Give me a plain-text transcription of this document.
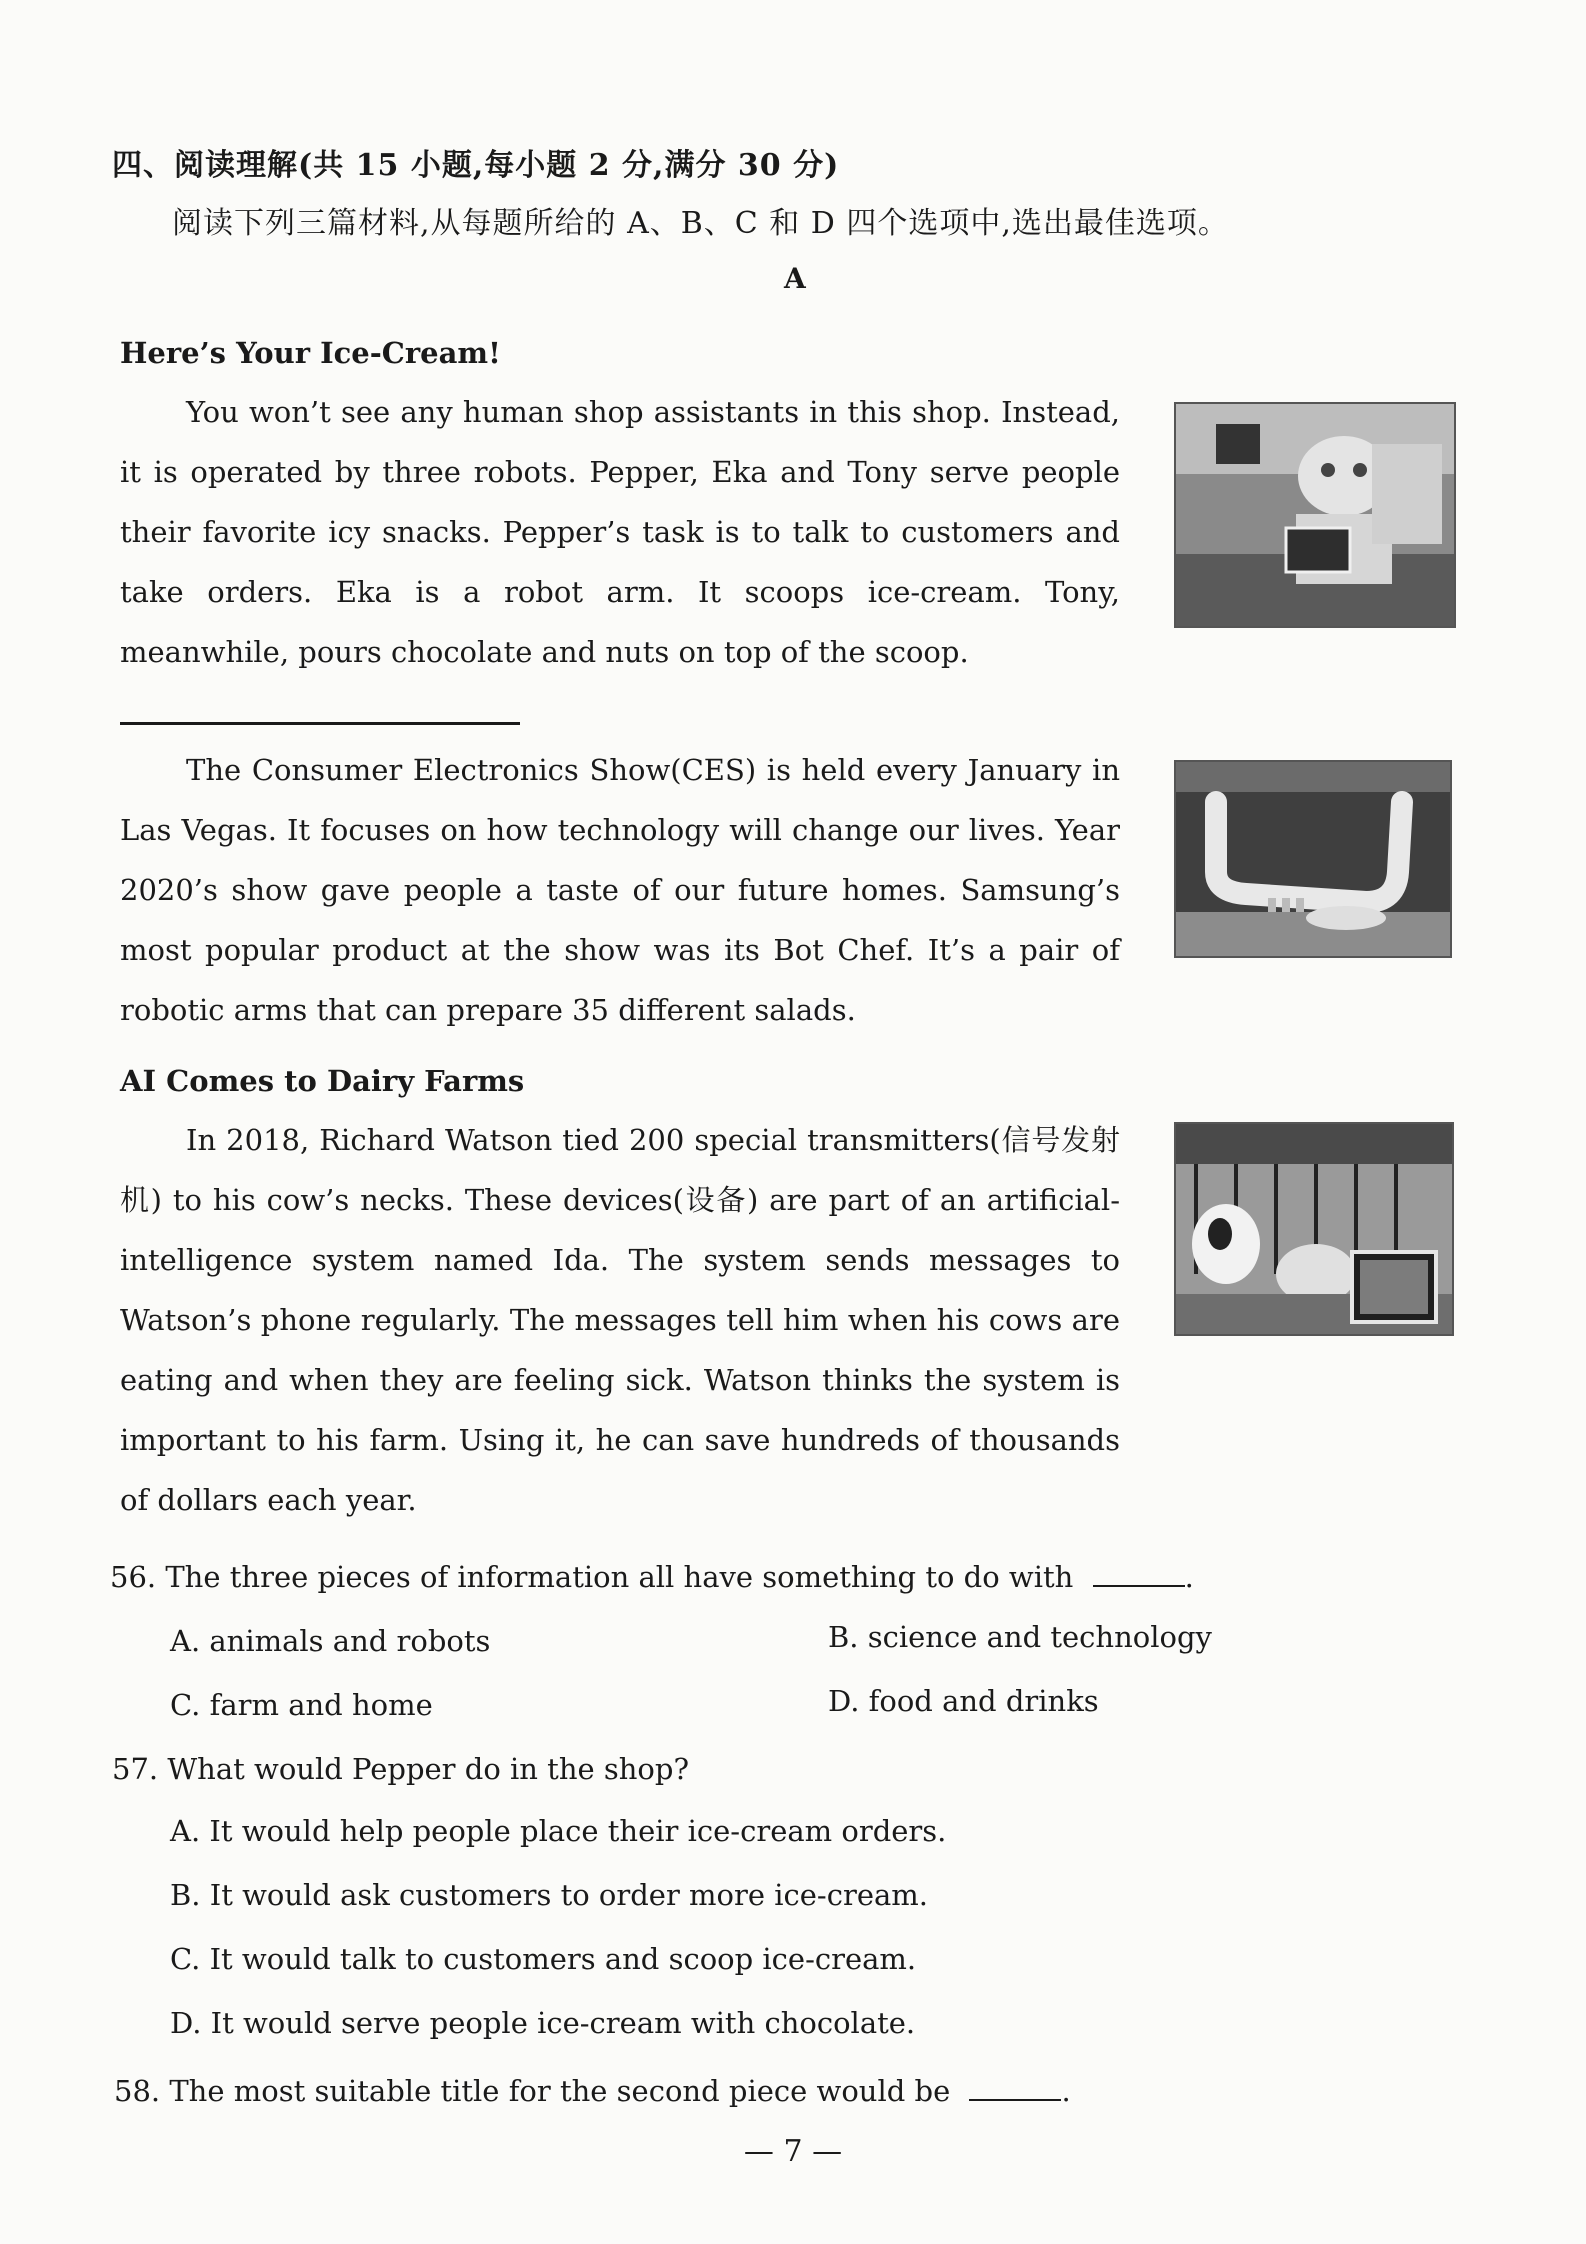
四、阅读理解(共 15 小题,每小题 2 分,满分 30 分)
阅读下列三篇材料,从每题所给的 A、B、C 和 D 四个选项中,选出最佳选项。
A
Here’s Your Ice-Cream!
You won’t see any human shop assistants in this shop. Instead, it is operated by three robots. Pepper, Eka and Tony serve people their favorite icy snacks. Pepper’s task is to talk to customers and take orders. Eka is a robot arm. It scoops ice-cream. Tony, meanwhile, pours chocolate and nuts on top of the scoop.
The Consumer Electronics Show(CES) is held every January in Las Vegas. It focuses on how technology will change our lives. Year 2020’s show gave people a taste of our future homes. Samsung’s most popular product at the show was its Bot Chef. It’s a pair of robotic arms that can prepare 35 different salads.
AI Comes to Dairy Farms
In 2018, Richard Watson tied 200 special transmitters(信号发射机) to his cow’s necks. These devices(设备) are part of an artificial-intelligence system named Ida. The system sends messages to Watson’s phone regularly. The messages tell him when his cows are eating and when they are feeling sick. Watson thinks the system is important to his farm. Using it, he can save hundreds of thousands of dollars each year.
56. The three pieces of information all have something to do with	.
A. animals and robots	B. science and technology
C. farm and home	D. food and drinks
57. What would Pepper do in the shop?
A. It would help people place their ice-cream orders.
B. It would ask customers to order more ice-cream.
C. It would talk to customers and scoop ice-cream.
D. It would serve people ice-cream with chocolate.
58. The most suitable title for the second piece would be	.
— 7 —
